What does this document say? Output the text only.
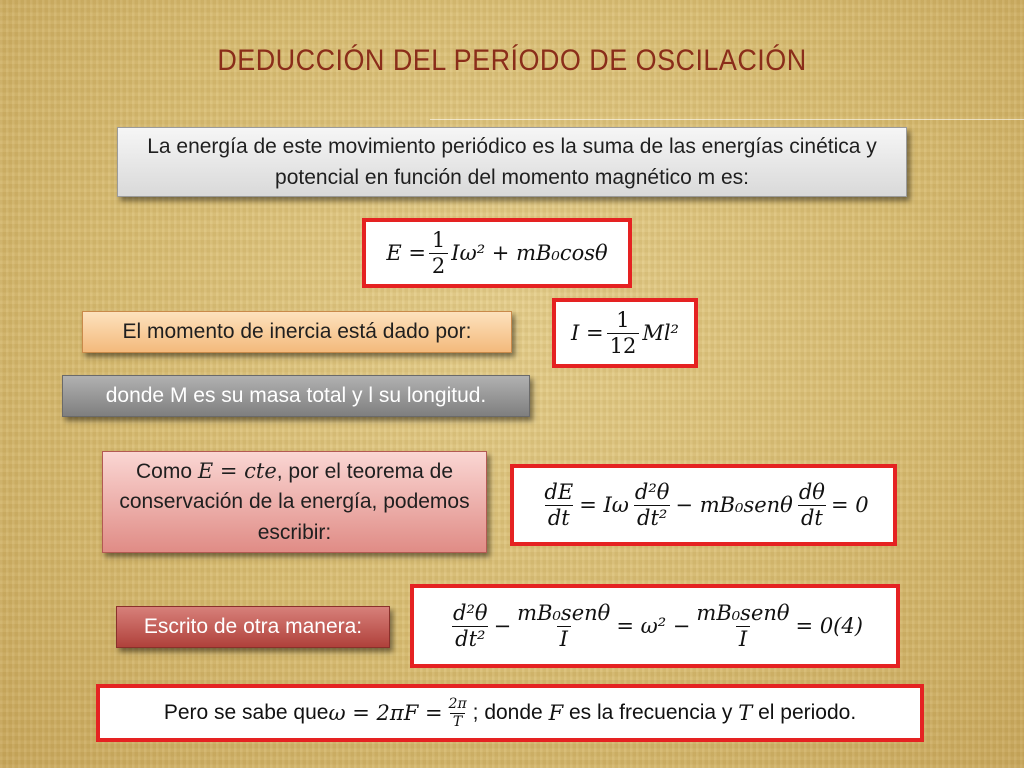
DEDUCCIÓN DEL PERÍODO DE OSCILACIÓN
La energía de este movimiento periódico es la suma de las energías cinética y potencial en función del momento magnético m es:
$E = \frac{1}{2} I\omega^2 + mB_0\cos\theta$
El momento de inercia está dado por:	$I = \frac{1}{12} Ml^2$
donde M es su masa total y l su longitud.
Como E = cte, por el teorema de conservación de la energía, podemos escribir:
$\frac{dE}{dt} = I\omega \frac{\text{d²θ}}{\text{dt²}} - mB_0sen\theta \frac{d\theta}{dt} = 0$
Escrito de otra manera:	$\frac{\text{d²θ}}{\text{dt²}} - \frac{\text{mB₀senθ}}{I} = \omega^2 - \frac{\text{mB₀senθ}}{I} = 0(4)$
Pero se sabe que $\omega = 2\pi F = \frac{2\pi}{T}$ ; donde F es la frecuencia y T el periodo.
